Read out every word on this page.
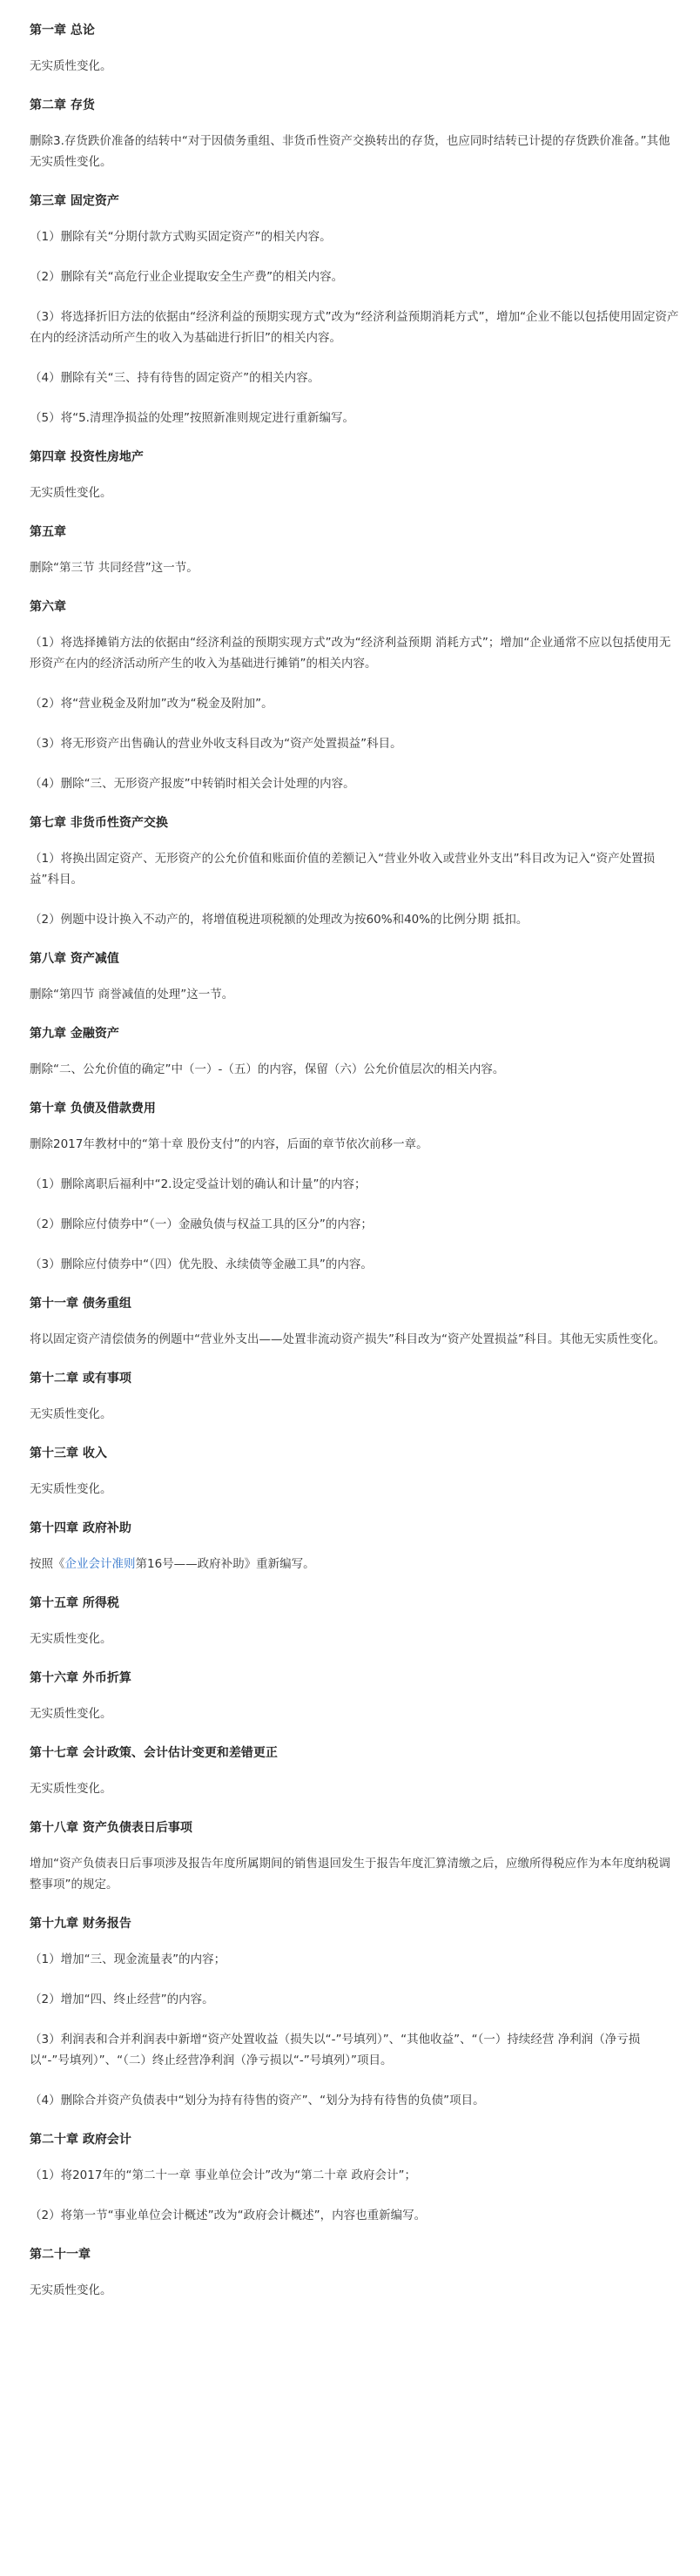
第一章 总论
无实质性变化。
第二章 存货
删除3.存货跌价准备的结转中“对于因债务重组、非货币性资产交换转出的存货，也应同时结转已计提的存货跌价准备。”其他无实质性变化。
第三章 固定资产
（1）删除有关“分期付款方式购买固定资产”的相关内容。
（2）删除有关“高危行业企业提取安全生产费”的相关内容。
（3）将选择折旧方法的依据由“经济利益的预期实现方式”改为“经济利益预期消耗方式”，增加“企业不能以包括使用固定资产在内的经济活动所产生的收入为基础进行折旧”的相关内容。
（4）删除有关“三、持有待售的固定资产”的相关内容。
（5）将“5.清理净损益的处理”按照新准则规定进行重新编写。
第四章 投资性房地产
无实质性变化。
第五章
删除“第三节 共同经营”这一节。
第六章
（1）将选择摊销方法的依据由“经济利益的预期实现方式”改为“经济利益预期 消耗方式”；增加“企业通常不应以包括使用无形资产在内的经济活动所产生的收入为基础进行摊销”的相关内容。
（2）将“营业税金及附加”改为“税金及附加”。
（3）将无形资产出售确认的营业外收支科目改为“资产处置损益”科目。
（4）删除“三、无形资产报废”中转销时相关会计处理的内容。
第七章 非货币性资产交换
（1）将换出固定资产、无形资产的公允价值和账面价值的差额记入“营业外收入或营业外支出”科目改为记入“资产处置损益”科目。
（2）例题中设计换入不动产的，将增值税进项税额的处理改为按60%和40%的比例分期 抵扣。
第八章 资产减值
删除“第四节 商誉减值的处理”这一节。
第九章 金融资产
删除“二、公允价值的确定”中（一）-（五）的内容，保留（六）公允价值层次的相关内容。
第十章 负债及借款费用
删除2017年教材中的“第十章 股份支付”的内容，后面的章节依次前移一章。
（1）删除离职后福利中“2.设定受益计划的确认和计量”的内容；
（2）删除应付债券中“（一）金融负债与权益工具的区分”的内容；
（3）删除应付债券中“（四）优先股、永续债等金融工具”的内容。
第十一章 债务重组
将以固定资产清偿债务的例题中“营业外支出——处置非流动资产损失”科目改为“资产处置损益”科目。其他无实质性变化。
第十二章 或有事项
无实质性变化。
第十三章 收入
无实质性变化。
第十四章 政府补助
按照《企业会计准则第16号——政府补助》重新编写。
第十五章 所得税
无实质性变化。
第十六章 外币折算
无实质性变化。
第十七章 会计政策、会计估计变更和差错更正
无实质性变化。
第十八章 资产负债表日后事项
增加“资产负债表日后事项涉及报告年度所属期间的销售退回发生于报告年度汇算清缴之后，应缴所得税应作为本年度纳税调整事项”的规定。
第十九章 财务报告
（1）增加“三、现金流量表”的内容；
（2）增加“四、终止经营”的内容。
（3）利润表和合并利润表中新增“资产处置收益（损失以“-”号填列）”、“其他收益”、“（一）持续经营 净利润（净亏损以“-”号填列）”、“（二）终止经营净利润（净亏损以“-”号填列）”项目。
（4）删除合并资产负债表中“划分为持有待售的资产”、“划分为持有待售的负债”项目。
第二十章 政府会计
（1）将2017年的“第二十一章 事业单位会计”改为“第二十章 政府会计”；
（2）将第一节“事业单位会计概述”改为“政府会计概述”，内容也重新编写。
第二十一章
无实质性变化。
